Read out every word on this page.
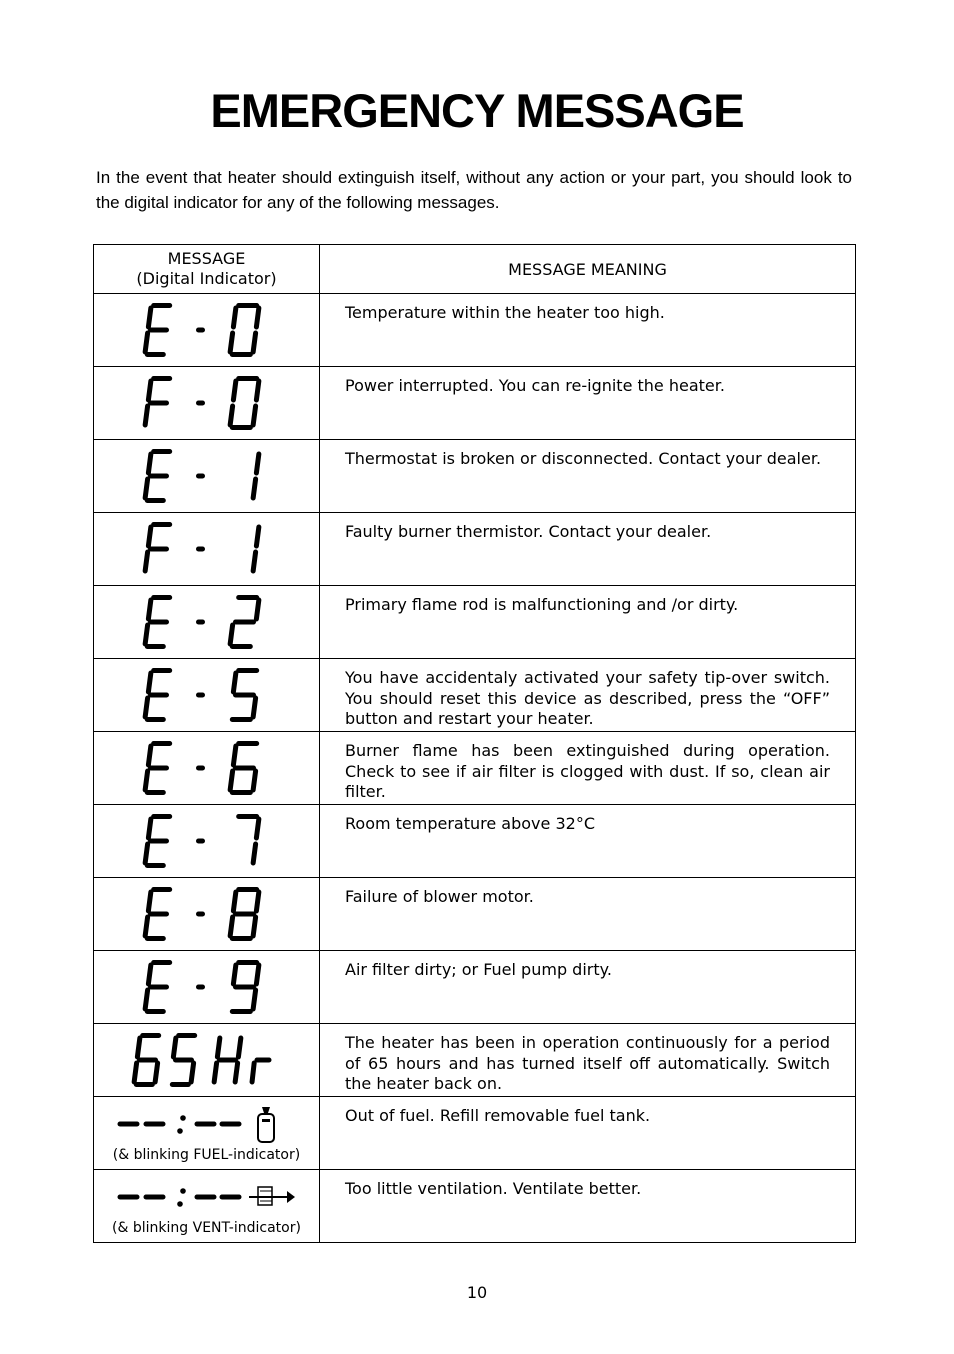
EMERGENCY MESSAGE

In the event that heater should extinguish itself, without any action or your part, you should look to the digital indicator for any of the following messages.

MESSAGE
(Digital Indicator)	MESSAGE MEANING

	Temperature within the heater too high.

	Power interrupted. You can re-ignite the heater.

	Thermostat is broken or disconnected. Contact your dealer.

	Faulty burner thermistor. Contact your dealer.

	Primary flame rod is malfunctioning and /or dirty.

	You have accidentaly activated your safety tip-over switch. You should reset this device as described, press the “OFF” button and restart your heater.

	Burner flame has been extinguished during operation. Check to see if air filter is clogged with dust. If so, clean air filter.

	Room temperature above 32°C

	Failure of blower motor.

	Air filter dirty; or Fuel pump dirty.

	The heater has been in operation continuously for a period of 65 hours and has turned itself off automatically. Switch the heater back on.

(& blinking FUEL-indicator)	Out of fuel. Refill removable fuel tank.

(& blinking VENT-indicator)	Too little ventilation. Ventilate better.
10
